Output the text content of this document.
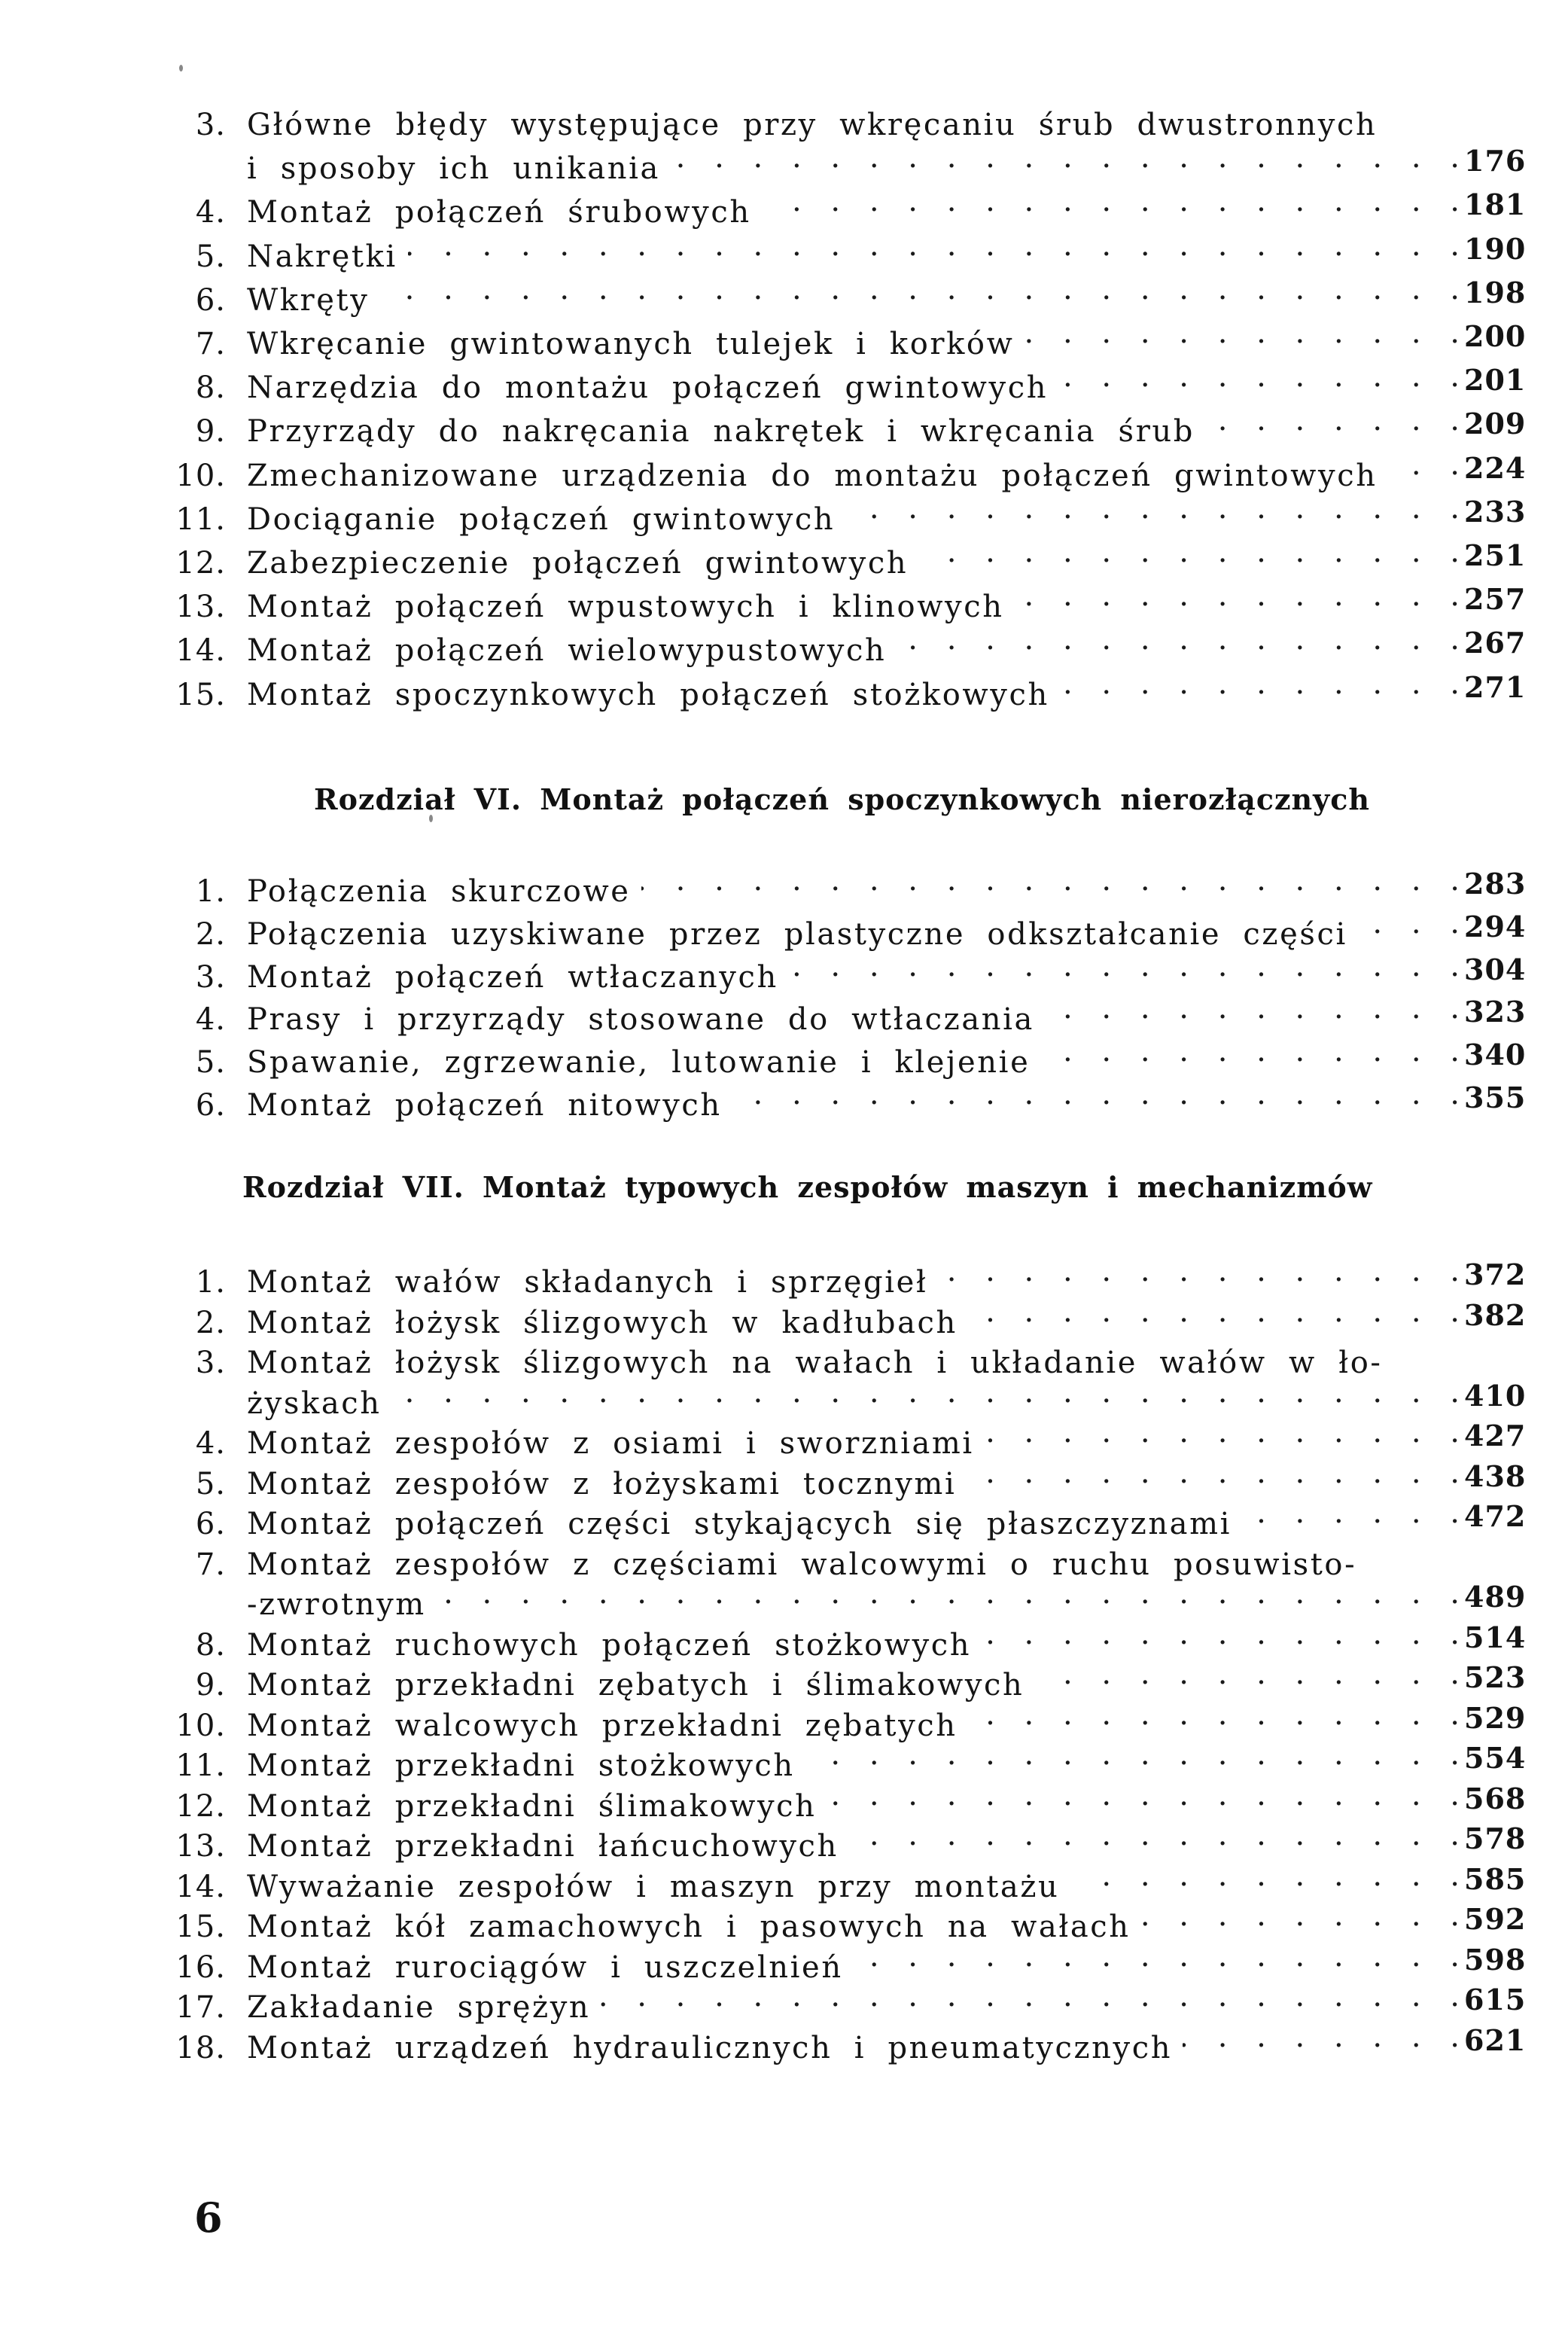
6
3. Główne błędy występujące przy wkręcaniu śrub dwustronnych
i sposoby ich unikania . . .	176
4. Montaż połączeń śrubowych . . .	181
5. Nakrętki . . .	190
6. Wkręty . . .	198
7. Wkręcanie gwintowanych tulejek i korków . . .	200
8. Narzędzia do montażu połączeń gwintowych . . .	201
9. Przyrządy do nakręcania nakrętek i wkręcania śrub . . .	209
10. Zmechanizowane urządzenia do montażu połączeń gwintowych . . .	224
11. Dociąganie połączeń gwintowych . . .	233
12. Zabezpieczenie połączeń gwintowych . . .	251
13. Montaż połączeń wpustowych i klinowych . . .	257
14. Montaż połączeń wielowypustowych . . .	267
15. Montaż spoczynkowych połączeń stożkowych . . .	271
Rozdział VI. Montaż połączeń spoczynkowych nierozłącznych
1. Połączenia skurczowe . . .	283
2. Połączenia uzyskiwane przez plastyczne odkształcanie części . . .	294
3. Montaż połączeń wtłaczanych . . .	304
4. Prasy i przyrządy stosowane do wtłaczania . . .	323
5. Spawanie, zgrzewanie, lutowanie i klejenie . . .	340
6. Montaż połączeń nitowych . . .	355
Rozdział VII. Montaż typowych zespołów maszyn i mechanizmów
1. Montaż wałów składanych i sprzęgieł . . .	372
2. Montaż łożysk ślizgowych w kadłubach . . .	382
3. Montaż łożysk ślizgowych na wałach i układanie wałów w ło-
żyskach . . .	410
4. Montaż zespołów z osiami i sworzniami . . .	427
5. Montaż zespołów z łożyskami tocznymi . . .	438
6. Montaż połączeń części stykających się płaszczyznami . . .	472
7. Montaż zespołów z częściami walcowymi o ruchu posuwisto-
-zwrotnym . . .	489
8. Montaż ruchowych połączeń stożkowych . . .	514
9. Montaż przekładni zębatych i ślimakowych . . .	523
10. Montaż walcowych przekładni zębatych . . .	529
11. Montaż przekładni stożkowych . . .	554
12. Montaż przekładni ślimakowych . . .	568
13. Montaż przekładni łańcuchowych . . .	578
14. Wyważanie zespołów i maszyn przy montażu . . .	585
15. Montaż kół zamachowych i pasowych na wałach . . .	592
16. Montaż rurociągów i uszczelnień . . .	598
17. Zakładanie sprężyn . . .	615
18. Montaż urządzeń hydraulicznych i pneumatycznych . . .	621
